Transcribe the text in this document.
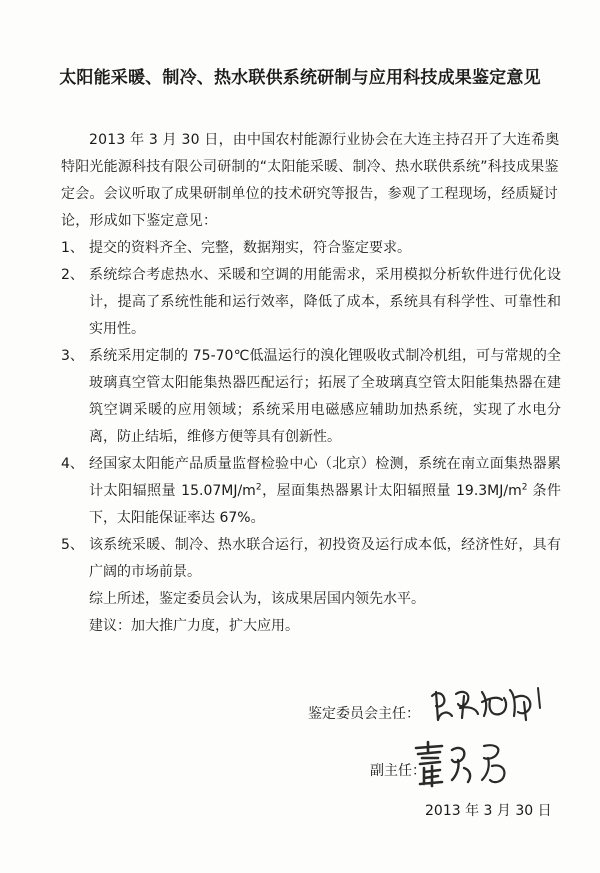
太阳能采暖、制冷、热水联供系统研制与应用科技成果鉴定意见
2013 年 3 月 30 日，由中国农村能源行业协会在大连主持召开了大连希奥特阳光能源科技有限公司研制的“太阳能采暖、制冷、热水联供系统”科技成果鉴定会。会议听取了成果研制单位的技术研究等报告，参观了工程现场，经质疑讨论，形成如下鉴定意见：
1、 提交的资料齐全、完整，数据翔实，符合鉴定要求。
2、 系统综合考虑热水、采暖和空调的用能需求，采用模拟分析软件进行优化设计，提高了系统性能和运行效率，降低了成本，系统具有科学性、可靠性和实用性。
3、 系统采用定制的 75-70℃低温运行的溴化锂吸收式制冷机组，可与常规的全玻璃真空管太阳能集热器匹配运行；拓展了全玻璃真空管太阳能集热器在建筑空调采暖的应用领域；系统采用电磁感应辅助加热系统，实现了水电分离，防止结垢，维修方便等具有创新性。
4、 经国家太阳能产品质量监督检验中心（北京）检测，系统在南立面集热器累计太阳辐照量 $15.07MJ/m^2$，屋面集热器累计太阳辐照量 $19.3MJ/m^2$ 条件下，太阳能保证率达 67%。
5、 该系统采暖、制冷、热水联合运行，初投资及运行成本低，经济性好，具有广阔的市场前景。
综上所述，鉴定委员会认为，该成果居国内领先水平。
建议：加大推广力度，扩大应用。
鉴定委员会主任：
副主任：
2013 年 3 月 30 日
